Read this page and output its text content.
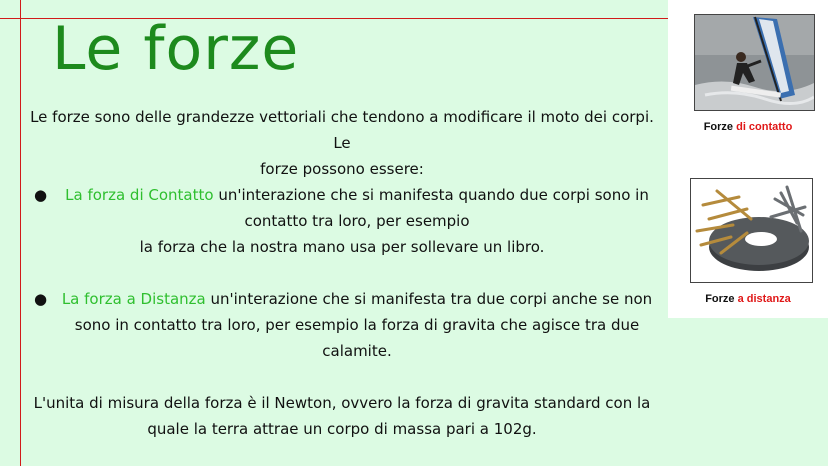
Le forze

Le forze sono delle grandezze vettoriali che tendono a modificare il moto dei corpi. Le
forze possono essere:

●	La forza di Contatto un'interazione che si manifesta quando due corpi sono in contatto tra loro, per esempio
la forza che la nostra mano usa per sollevare un libro.
● La forza a Distanza un'interazione che si manifesta tra due corpi anche se non sono in contatto tra loro, per esempio la forza di gravita che agisce tra due calamite.

L'unita di misura della forza è il Newton, ovvero la forza di gravita standard con la quale la terra attrae un corpo di massa pari a 102g.

Forze di contatto
Forze a distanza
